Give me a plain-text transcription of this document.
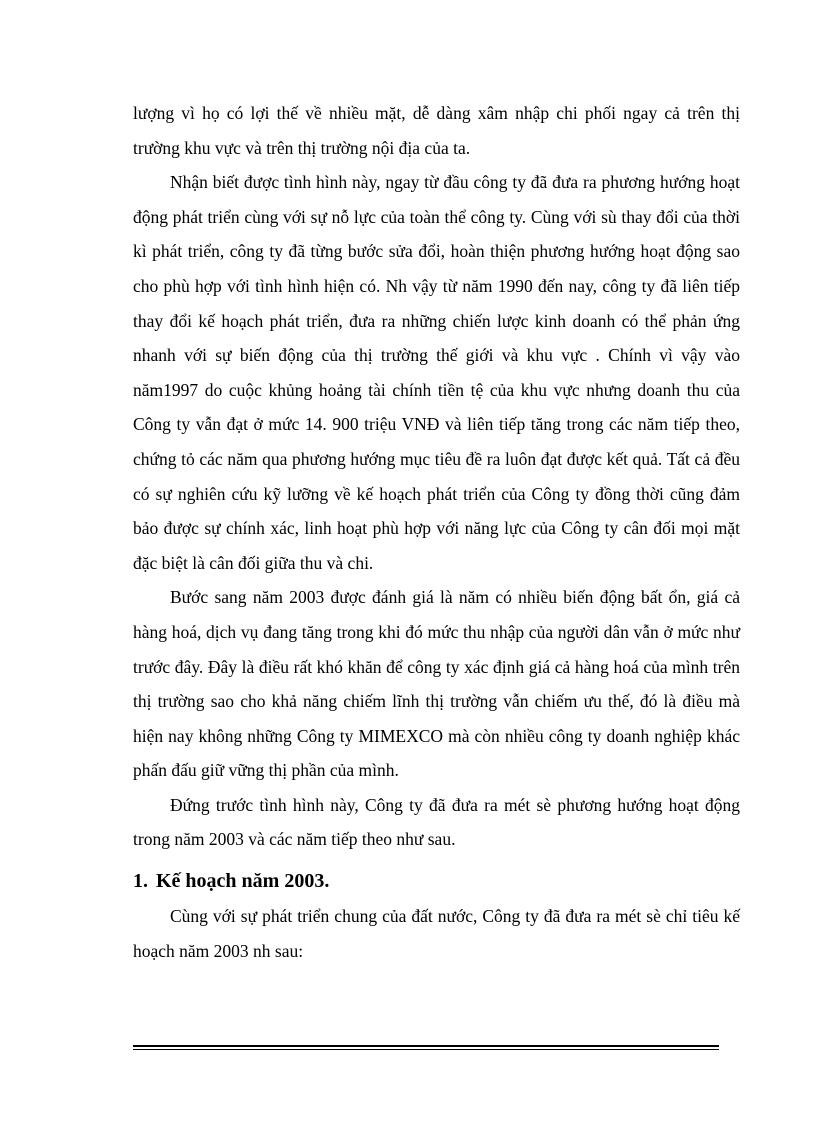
lượng vì họ có lợi thế về nhiều mặt, dễ dàng xâm nhập chi phối ngay cả trên thị trường khu vực và trên thị trường nội địa của ta.

Nhận biết được tình hình này, ngay từ đầu công ty đã đưa ra phương hướng hoạt động phát triển cùng với sự nỗ lực của toàn thể công ty. Cùng với sù thay đổi của thời kì phát triển, công ty đã từng bước sửa đổi, hoàn thiện phương hướng hoạt động sao cho phù hợp với tình hình hiện có. Nh vậy từ năm 1990 đến nay, công ty đã liên tiếp thay đổi kế hoạch phát triển, đưa ra những chiến lược kinh doanh có thể phản ứng nhanh với sự biến động của thị trường thế giới và khu vực . Chính vì vậy vào năm1997 do cuộc khủng hoảng tài chính tiền tệ của khu vực nhưng doanh thu của Công ty vẫn đạt ở mức 14. 900 triệu VNĐ và liên tiếp tăng trong các năm tiếp theo, chứng tỏ các năm qua phương hướng mục tiêu đề ra luôn đạt được kết quả. Tất cả đều có sự nghiên cứu kỹ lưỡng về kế hoạch phát triển của Công ty đồng thời cũng đảm bảo được sự chính xác, linh hoạt phù hợp với năng lực của Công ty cân đối mọi mặt đặc biệt là cân đối giữa thu và chi.

Bước sang năm 2003 được đánh giá là năm có nhiều biến động bất ổn, giá cả hàng hoá, dịch vụ đang tăng trong khi đó mức thu nhập của người dân vẫn ở mức như trước đây. Đây là điều rất khó khăn để công ty xác định giá cả hàng hoá của mình trên thị trường sao cho khả năng chiếm lĩnh thị trường vẫn chiếm ưu thế, đó là điều mà hiện nay không những Công ty MIMEXCO mà còn nhiều công ty doanh nghiệp khác phấn đấu giữ vững thị phần của mình.

Đứng trước tình hình này, Công ty đã đưa ra mét sè phương hướng hoạt động trong năm 2003 và các năm tiếp theo như sau.

1. Kế hoạch năm 2003.

Cùng với sự phát triển chung của đất nước, Công ty đã đưa ra mét sè chỉ tiêu kế hoạch năm 2003 nh sau:
